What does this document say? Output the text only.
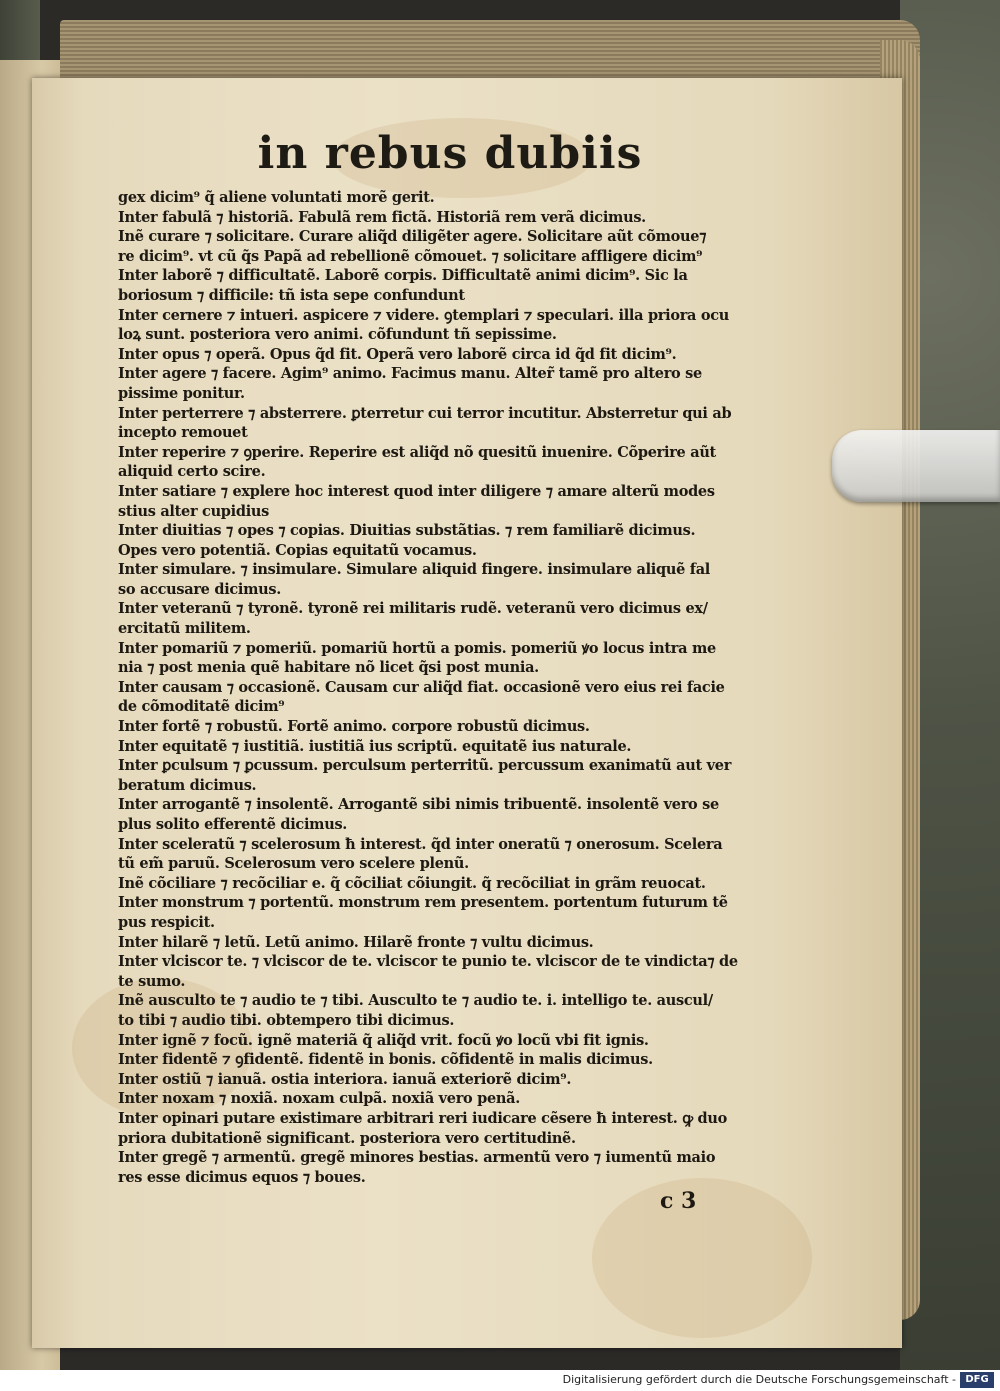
in rebus dubiis
gex dicim⁹ q̃ aliene voluntati morẽ gerit.
Inter fabulã ⁊ historiã. Fabulã rem fictã. Historiã rem verã dicimus.
Inẽ curare ⁊ solicitare. Curare aliq̃d diligẽter agere. Solicitare aũt cõmoue⁊
re dicim⁹. vt cũ q̃s Papã ad rebellionẽ cõmouet. ⁊ solicitare affligere dicim⁹
Inter laborẽ ⁊ difficultatẽ. Laborẽ corpis. Difficultatẽ animi dicim⁹. Sic la
boriosum ⁊ difficile: tñ ista sepe confundunt
Inter cernere ⁊ intueri. aspicere ⁊ videre. ꝯtemplari ⁊ speculari. illa priora ocu
loꝝ sunt. posteriora vero animi. cõfundunt tñ sepissime.
Inter opus ⁊ operã. Opus q̃d fit. Operã vero laborẽ circa id q̃d fit dicim⁹.
Inter agere ⁊ facere. Agim⁹ animo. Facimus manu. Alter̃ tamẽ pro altero se
pissime ponitur.
Inter perterrere ⁊ absterrere. ꝑterretur cui terror incutitur. Absterretur qui ab
incepto remouet
Inter reperire ⁊ ꝯperire. Reperire est aliq̃d nõ quesitũ inuenire. Cõperire aũt
aliquid certo scire.
Inter satiare ⁊ explere hoc interest quod inter diligere ⁊ amare alterũ modes
stius alter cupidius
Inter diuitias ⁊ opes ⁊ copias. Diuitias substãtias. ⁊ rem familiarẽ dicimus.
Opes vero potentiã. Copias equitatũ vocamus.
Inter simulare. ⁊ insimulare. Simulare aliquid fingere. insimulare aliquẽ fal
so accusare dicimus.
Inter veteranũ ⁊ tyronẽ. tyronẽ rei militaris rudẽ. veteranũ vero dicimus ex/
ercitatũ militem.
Inter pomariũ ⁊ pomeriũ. pomariũ hortũ a pomis. pomeriũ ꝟo locus intra me
nia ⁊ post menia quẽ habitare nõ licet q̃si post munia.
Inter causam ⁊ occasionẽ. Causam cur aliq̃d fiat. occasionẽ vero eius rei facie
de cõmoditatẽ dicim⁹
Inter fortẽ ⁊ robustũ. Fortẽ animo. corpore robustũ dicimus.
Inter equitatẽ ⁊ iustitiã. iustitiã ius scriptũ. equitatẽ ius naturale.
Inter ꝑculsum ⁊ ꝑcussum. perculsum perterritũ. percussum exanimatũ aut ver
beratum dicimus.
Inter arrogantẽ ⁊ insolentẽ. Arrogantẽ sibi nimis tribuentẽ. insolentẽ vero se
plus solito efferentẽ dicimus.
Inter sceleratũ ⁊ scelerosum ħ interest. q̃d inter oneratũ ⁊ onerosum. Scelera
tũ em̃ paruũ. Scelerosum vero scelere plenũ.
Inẽ cõciliare ⁊ recõciliar e. q̃ cõciliat cõiungit. q̃ recõciliat in grãm reuocat.
Inter monstrum ⁊ portentũ. monstrum rem presentem. portentum futurum tẽ
pus respicit.
Inter hilarẽ ⁊ letũ. Letũ animo. Hilarẽ fronte ⁊ vultu dicimus.
Inter vlciscor te. ⁊ vlciscor de te. vlciscor te punio te. vlciscor de te vindicta⁊ de
te sumo.
Inẽ ausculto te ⁊ audio te ⁊ tibi. Ausculto te ⁊ audio te. i. intelligo te. auscul/
to tibi ⁊ audio tibi. obtempero tibi dicimus.
Inter ignẽ ⁊ focũ. ignẽ materiã q̃ aliq̃d vrit. focũ ꝟo locũ vbi fit ignis.
Inter fidentẽ ⁊ ꝯfidentẽ. fidentẽ in bonis. cõfidentẽ in malis dicimus.
Inter ostiũ ⁊ ianuã. ostia interiora. ianuã exteriorẽ dicim⁹.
Inter noxam ⁊ noxiã. noxam culpã. noxiã vero penã.
Inter opinari putare existimare arbitrari reri iudicare cẽsere ħ interest. ꝙ duo
priora dubitationẽ significant. posteriora vero certitudinẽ.
Inter gregẽ ⁊ armentũ. gregẽ minores bestias. armentũ vero ⁊ iumentũ maio
res esse dicimus equos ⁊ boues.
c 3
Digitalisierung gefördert durch die Deutsche Forschungsgemeinschaft - DFG
